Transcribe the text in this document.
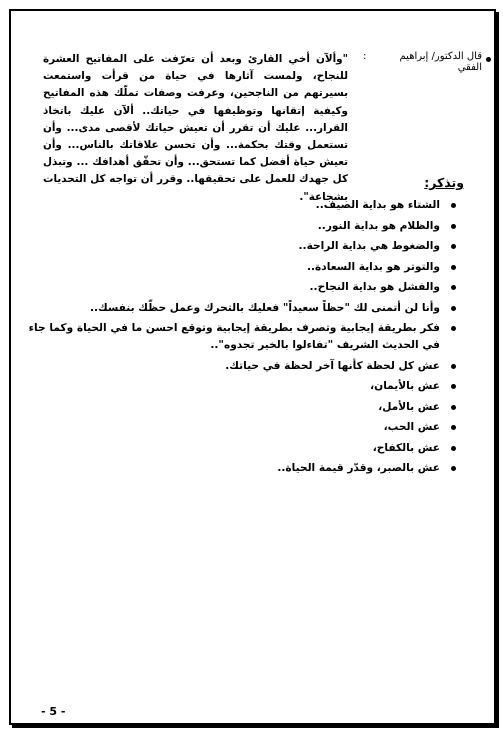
قال الدكتور/ إبراهيم الفقي
:
"وألآن أخي القارئ وبعد أن تعرّفت على المفاتيح العشرة للنجاح، ولمست آثارها في حياة من قرأت واستمعت بسيرتهم من الناجحين، وعرفت وصفات تملّك هذه المفاتيح وكيفية إتقانها وتوظيفها في حياتك.. ألآن عليك باتخاذ القرار... عليك أن تقرر أن تعيش حياتك لأقصى مدى... وأن تستعمل وقتك بحكمة... وأن تحسن علاقاتك بالناس... وأن تعيش حياة أفضل كما تستحق... وأن تحقّق أهدافك ... وتبذل كل جهدك للعمل على تحقيقها.. وقرر أن تواجه كل التحديات بشجاعة".
وتذكر:
الشتاء هو بداية الصيف..
والظلام هو بداية النور..
والضغوط هي بداية الراحة..
والتوتر هو بداية السعادة..
والفشل هو بداية النجاح..
وأنا لن أتمنى لك "حظاً سعيداً" فعليك بالتحرك وعمل حظّك بنفسك..
فكر بطريقة إيجابية وتصرف بطريقة إيجابية وتوقع احسن ما في الحياة وكما جاء في الحديث الشريف "تفاءلوا بالخير تجدوه"..
عش كل لحظة كأنها آخر لحظة في حياتك.
عش بالأيمان،
عش بالأمل،
عش الحب،
عش بالكفاح،
عش بالصبر، وقدّر قيمة الحياة..
- 5 -
